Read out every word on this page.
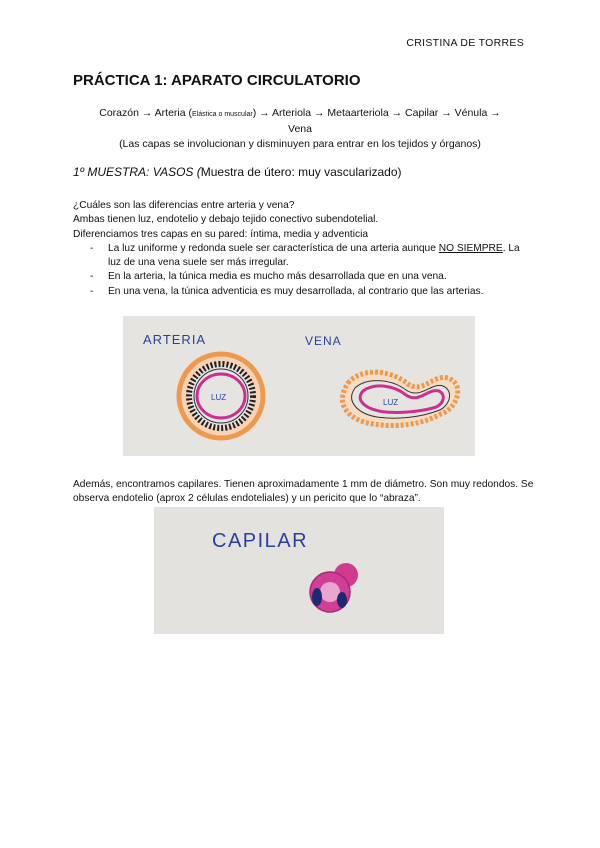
CRISTINA DE TORRES
PRÁCTICA 1: APARATO CIRCULATORIO
Corazón → Arteria (Elástica o muscular) → Arteriola → Metaarteriola → Capilar → Vénula →
Vena
(Las capas se involucionan y disminuyen para entrar en los tejidos y órganos)
1º MUESTRA: VASOS (Muestra de útero: muy vascularizado)

¿Cuáles son las diferencias entre arteria y vena?

Ambas tienen luz, endotelio y debajo tejido conectivo subendotelial.

Diferenciamos tres capas en su pared: íntima, media y adventicia

- La luz uniforme y redonda suele ser característica de una arteria aunque NO SIEMPRE. La luz de una vena suele ser más irregular.
- En la arteria, la túnica media es mucho más desarrollada que en una vena.
- En una vena, la túnica adventicia es muy desarrollada, al contrario que las arterias.
ARTERIA	VENA
LUZ
LUZ

Además, encontramos capilares. Tienen aproximadamente 1 mm de diámetro. Son muy redondos. Se observa endotelio (aprox 2 células endoteliales) y un pericito que lo “abraza”.

CAPILAR
